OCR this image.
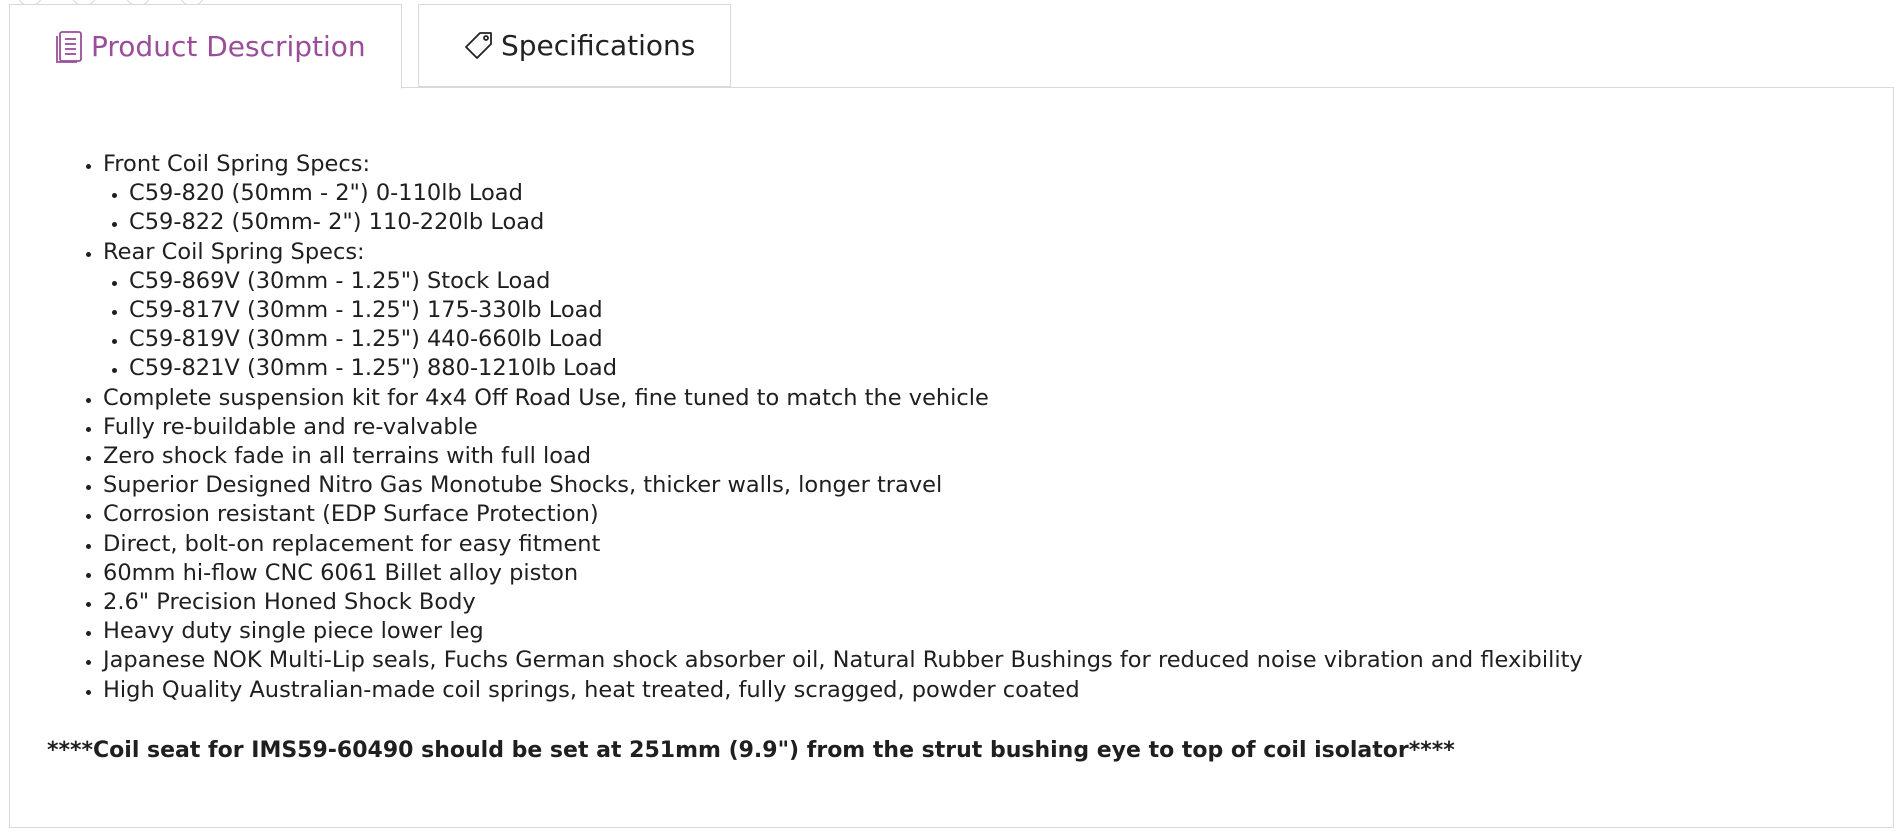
Product Description	Specifications
• Front Coil Spring Specs:
• C59-820 (50mm - 2") 0-110lb Load
• C59-822 (50mm- 2") 110-220lb Load
• Rear Coil Spring Specs:
• C59-869V (30mm - 1.25") Stock Load
• C59-817V (30mm - 1.25") 175-330lb Load
• C59-819V (30mm - 1.25") 440-660lb Load
• C59-821V (30mm - 1.25") 880-1210lb Load
• Complete suspension kit for 4x4 Off Road Use, fine tuned to match the vehicle
• Fully re-buildable and re-valvable
• Zero shock fade in all terrains with full load
• Superior Designed Nitro Gas Monotube Shocks, thicker walls, longer travel
• Corrosion resistant (EDP Surface Protection)
• Direct, bolt-on replacement for easy fitment
• 60mm hi-flow CNC 6061 Billet alloy piston
• 2.6" Precision Honed Shock Body
• Heavy duty single piece lower leg
• Japanese NOK Multi-Lip seals, Fuchs German shock absorber oil, Natural Rubber Bushings for reduced noise vibration and flexibility
• High Quality Australian-made coil springs, heat treated, fully scragged, powder coated
****Coil seat for IMS59-60490 should be set at 251mm (9.9") from the strut bushing eye to top of coil isolator****
